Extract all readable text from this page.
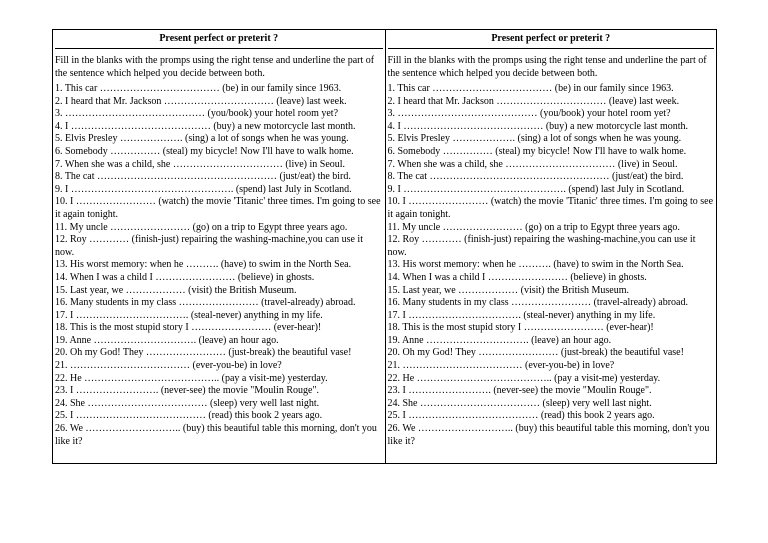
Present perfect or preterit ?

Fill in the blanks with the promps using the right tense and underline the part of the sentence which helped you decide between both.

1. This car ……………………………… (be) in our family since 1963.
2. I heard that Mr. Jackson …………………………… (leave) last week.
3. …………………………………… (you/book) your hotel room yet?
4. I …………………………………… (buy) a new motorcycle last month.
5. Elvis Presley ………………. (sing) a lot of songs when he was young.
6. Somebody …………… (steal) my bicycle! Now I'll have to walk home.
7. When she was a child, she …………………………… (live) in Seoul.
8. The cat ……………………………………………… (just/eat) the bird.
9. I …………………………………………. (spend) last July in Scotland.
10. I …………………… (watch) the movie 'Titanic' three times. I'm going to see it again tonight.
11. My uncle …………………… (go) on a trip to Egypt three years ago.
12. Roy ………… (finish-just) repairing the washing-machine,you can use it now.
13. His worst memory: when he ………. (have) to swim in the North Sea.
14. When I was a child I …………………… (believe) in ghosts.
15. Last year, we ……………… (visit) the British Museum.
16. Many students in my class …………………… (travel-already) abroad.
17. I ……………………………. (steal-never) anything in my life.
18. This is the most stupid story I …………………… (ever-hear)!
19. Anne …………………………. (leave) an hour ago.
20. Oh my God! They …………………… (just-break) the beautiful vase!
21. ……………………………… (ever-you-be) in love?
22. He ………………………………….. (pay a visit-me) yesterday.
23. I ……………………. (never-see) the movie "Moulin Rouge".
24. She ……………………………… (sleep) very well last night.
25. I ………………………………… (read) this book 2 years ago.
26. We ……………………….. (buy) this beautiful table this morning, don't you like it?
Present perfect or preterit ?

Fill in the blanks with the promps using the right tense and underline the part of the sentence which helped you decide between both.

1. This car ……………………………… (be) in our family since 1963.
2. I heard that Mr. Jackson …………………………… (leave) last week.
3. …………………………………… (you/book) your hotel room yet?
4. I …………………………………… (buy) a new motorcycle last month.
5. Elvis Presley ………………. (sing) a lot of songs when he was young.
6. Somebody …………… (steal) my bicycle! Now I'll have to walk home.
7. When she was a child, she …………………………… (live) in Seoul.
8. The cat ……………………………………………… (just/eat) the bird.
9. I …………………………………………. (spend) last July in Scotland.
10. I …………………… (watch) the movie 'Titanic' three times. I'm going to see it again tonight.
11. My uncle …………………… (go) on a trip to Egypt three years ago.
12. Roy ………… (finish-just) repairing the washing-machine,you can use it now.
13. His worst memory: when he ………. (have) to swim in the North Sea.
14. When I was a child I …………………… (believe) in ghosts.
15. Last year, we ……………… (visit) the British Museum.
16. Many students in my class …………………… (travel-already) abroad.
17. I ……………………………. (steal-never) anything in my life.
18. This is the most stupid story I …………………… (ever-hear)!
19. Anne …………………………. (leave) an hour ago.
20. Oh my God! They …………………… (just-break) the beautiful vase!
21. ……………………………… (ever-you-be) in love?
22. He ………………………………….. (pay a visit-me) yesterday.
23. I ……………………. (never-see) the movie "Moulin Rouge".
24. She ……………………………… (sleep) very well last night.
25. I ………………………………… (read) this book 2 years ago.
26. We ……………………….. (buy) this beautiful table this morning, don't you like it?
